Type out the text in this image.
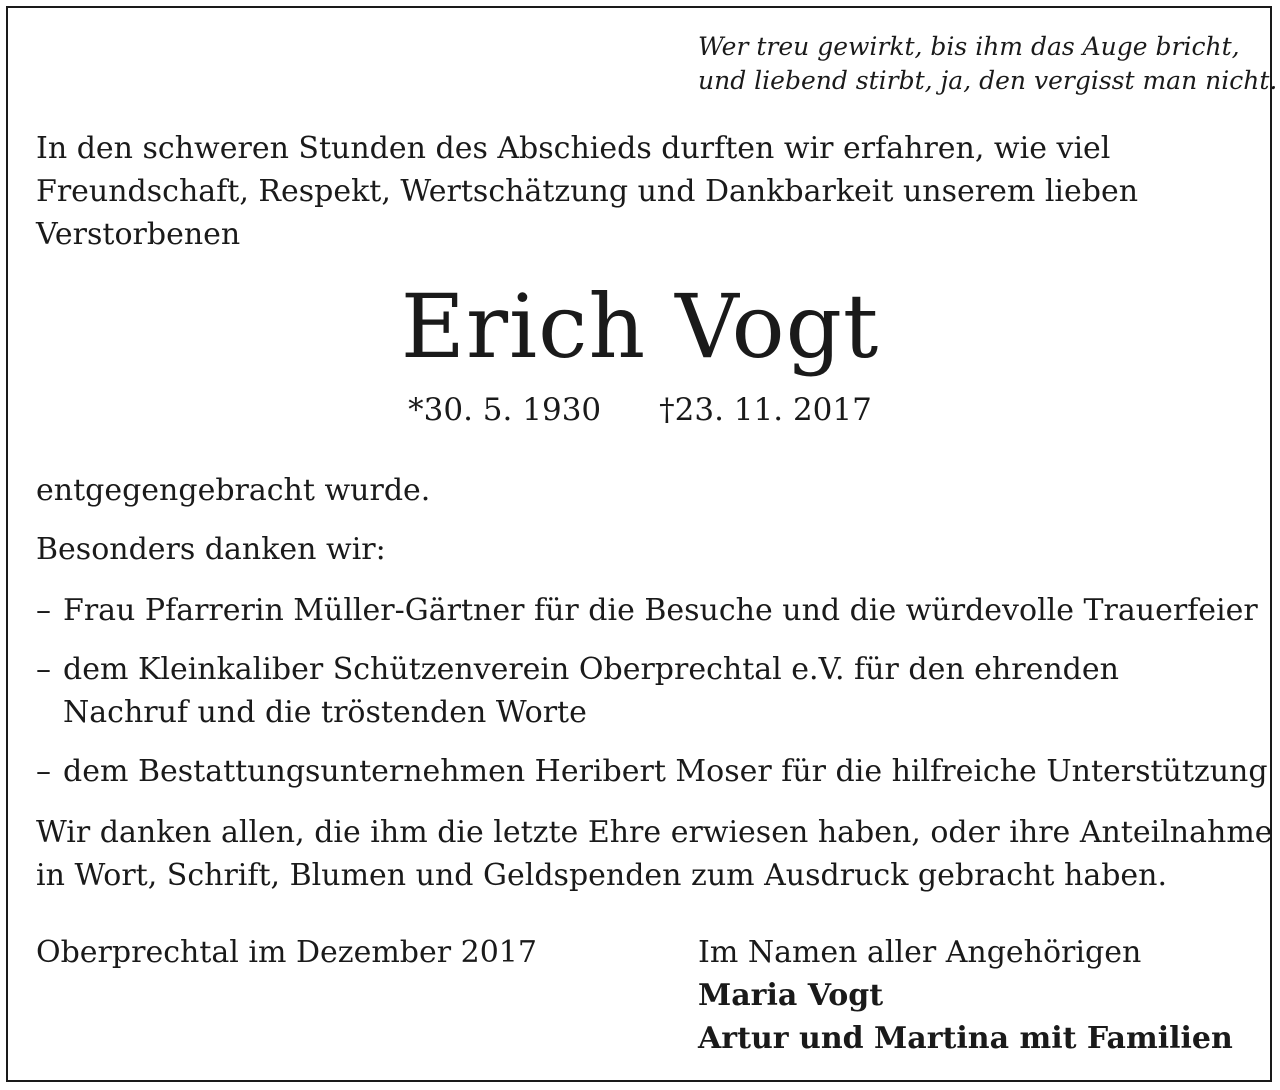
Wer treu gewirkt, bis ihm das Auge bricht,
und liebend stirbt, ja, den vergisst man nicht.
In den schweren Stunden des Abschieds durften wir erfahren, wie viel
Freundschaft, Respekt, Wertschätzung und Dankbarkeit unserem lieben
Verstorbenen
Erich Vogt
*30. 5. 1930 †23. 11. 2017
entgegengebracht wurde.
Besonders danken wir:
– Frau Pfarrerin Müller-Gärtner für die Besuche und die würdevolle Trauerfeier
– dem Kleinkaliber Schützenverein Oberprechtal e.V. für den ehrenden
Nachruf und die tröstenden Worte
– dem Bestattungsunternehmen Heribert Moser für die hilfreiche Unterstützung
Wir danken allen, die ihm die letzte Ehre erwiesen haben, oder ihre Anteilnahme
in Wort, Schrift, Blumen und Geldspenden zum Ausdruck gebracht haben.
Oberprechtal im Dezember 2017	Im Namen aller Angehörigen
Maria Vogt
Artur und Martina mit Familien
